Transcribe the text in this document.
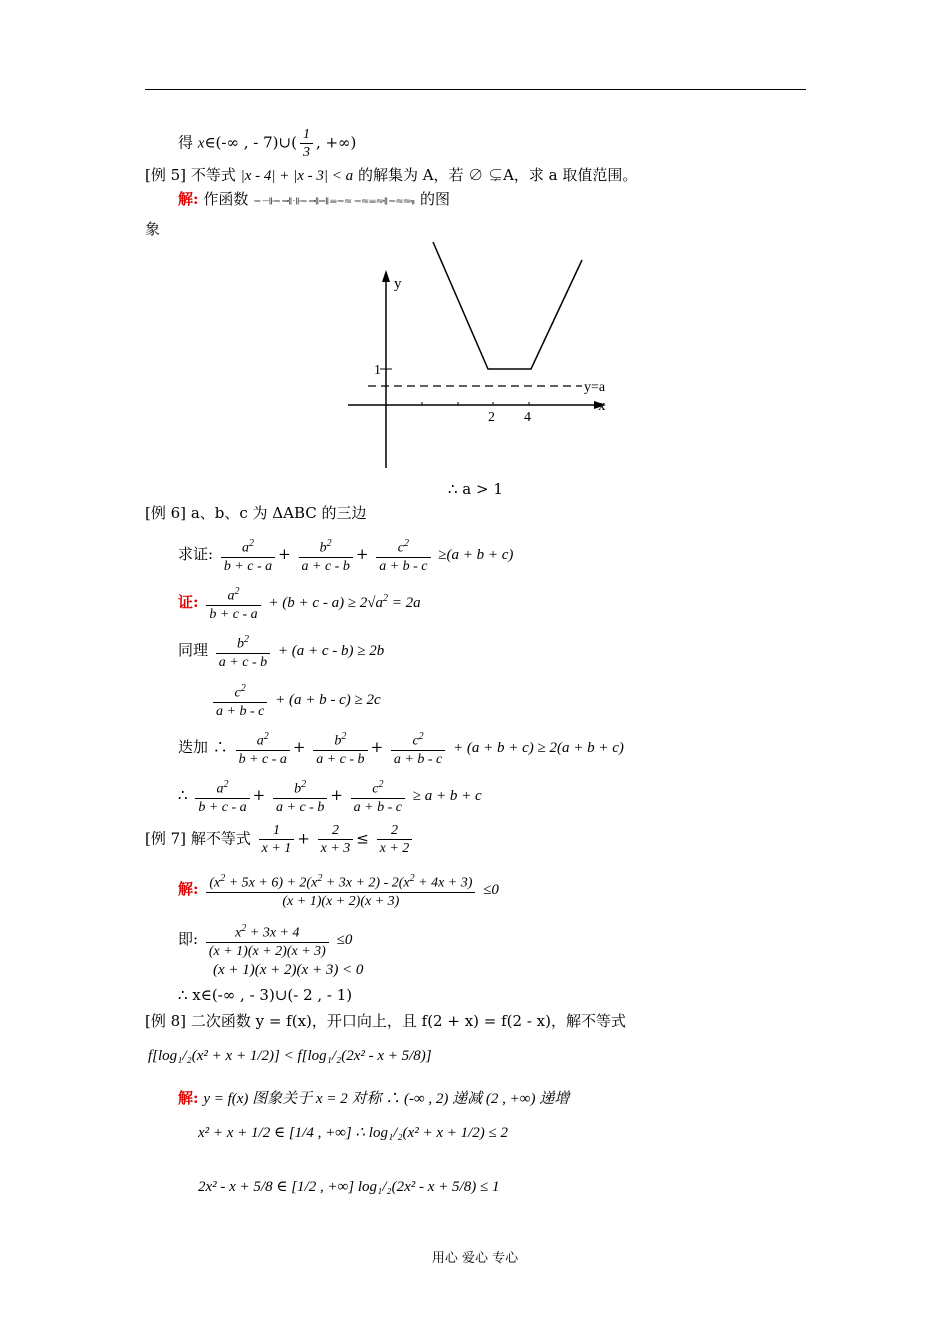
得 x∈(-∞ , - 7)∪( $\frac{1}{3}$ , +∞)
[例 5] 不等式 |x - 4| + |x - 3| < a 的解集为 A，若 ∅ ⊊A，求 a 取值范围。
解: 作函数 ≈ ─╟≈ ═╣·╟≈ ═╣═║≡≈≋ ≈≋≡≋╣≈≋≋╗ 的图
象
y
x
2 4
1
y=a
∴ a > 1
[例 6] a、b、c 为 ΔABC 的三边
求证: $\frac{a^2}{b + c - a} + \frac{b^2}{a + c - b} + \frac{c^2}{a + b - c} \ge(a + b + c)$
证: $\frac{a^2}{b + c - a} + (b + c - a) \ge 2√a^2 = 2a$
同理 $\frac{b^2}{a + c - b} + (a + c - b) \ge 2b$
$\frac{c^2}{a + b - c} + (a + b - c) \ge 2c$
迭加 ∴ $\frac{a^2}{b + c - a} + \frac{b^2}{a + c - b} + \frac{c^2}{a + b - c} + (a + b + c) \ge 2(a + b + c)$
∴ $\frac{a^2}{b + c - a} + \frac{b^2}{a + c - b} + \frac{c^2}{a + b - c} \ge a + b + c$
[例 7] 解不等式 $\frac{1}{x + 1} + \frac{2}{x + 3} \le \frac{2}{x + 2}$
解: $\frac{(x^2 + 5x + 6) + 2(x^2 + 3x + 2) - 2(x^2 + 4x + 3)}{(x + 1)(x + 2)(x + 3)} \le 0$
即: $\frac{x^2 + 3x + 4}{(x + 1)(x + 2)(x + 3)} \le 0$
(x + 1)(x + 2)(x + 3) < 0
∴ x∈(-∞ , - 3)∪(- 2 , - 1)
[例 8] 二次函数 y = f(x)，开口向上，且 f(2 + x) = f(2 - x)，解不等式
f[log₁/₂(x² + x + 1/2)] < f[log₁/₂(2x² - x + 5/8)]
解: y = f(x) 图象关于 x = 2 对称 ∴ (-∞ , 2) 递减 (2 , +∞) 递增
x² + x + 1/2 ∈ [1/4 , +∞] ∴ log₁/₂(x² + x + 1/2) ≤ 2
2x² - x + 5/8 ∈ [1/2 , +∞] log₁/₂(2x² - x + 5/8) ≤ 1
用心 爱心 专心
